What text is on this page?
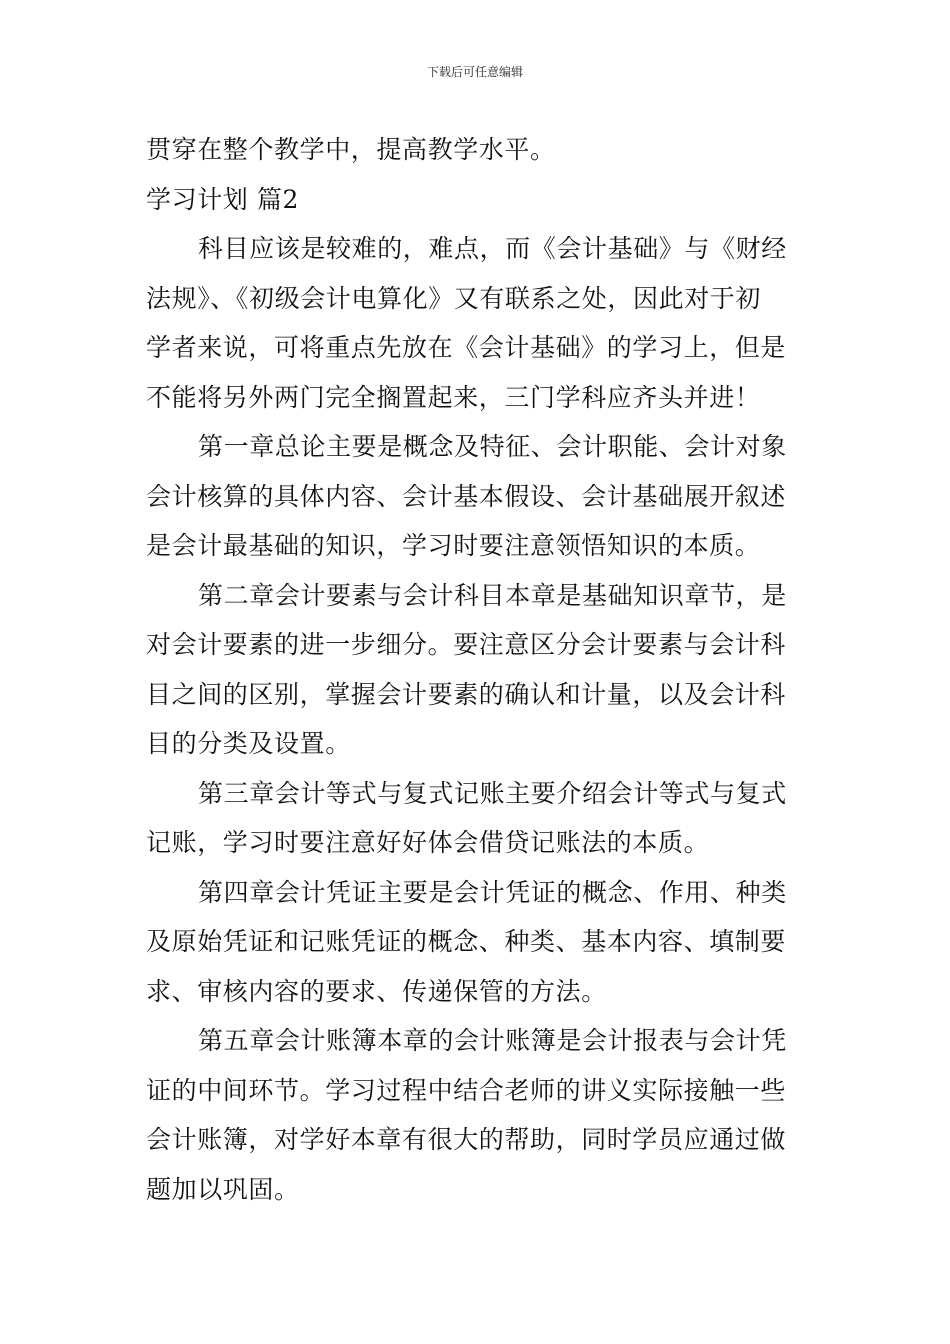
下载后可任意编辑
贯穿在整个教学中，提高教学水平。
学习计划 篇2
科目应该是较难的，难点，而《会计基础》与《财经
法规》、《初级会计电算化》又有联系之处，因此对于初
学者来说，可将重点先放在《会计基础》的学习上，但是
不能将另外两门完全搁置起来，三门学科应齐头并进！
第一章总论主要是概念及特征、会计职能、会计对象
会计核算的具体内容、会计基本假设、会计基础展开叙述
是会计最基础的知识，学习时要注意领悟知识的本质。
第二章会计要素与会计科目本章是基础知识章节，是
对会计要素的进一步细分。要注意区分会计要素与会计科
目之间的区别，掌握会计要素的确认和计量，以及会计科
目的分类及设置。
第三章会计等式与复式记账主要介绍会计等式与复式
记账，学习时要注意好好体会借贷记账法的本质。
第四章会计凭证主要是会计凭证的概念、作用、种类
及原始凭证和记账凭证的概念、种类、基本内容、填制要
求、审核内容的要求、传递保管的方法。
第五章会计账簿本章的会计账簿是会计报表与会计凭
证的中间环节。学习过程中结合老师的讲义实际接触一些
会计账簿，对学好本章有很大的帮助，同时学员应通过做
题加以巩固。
